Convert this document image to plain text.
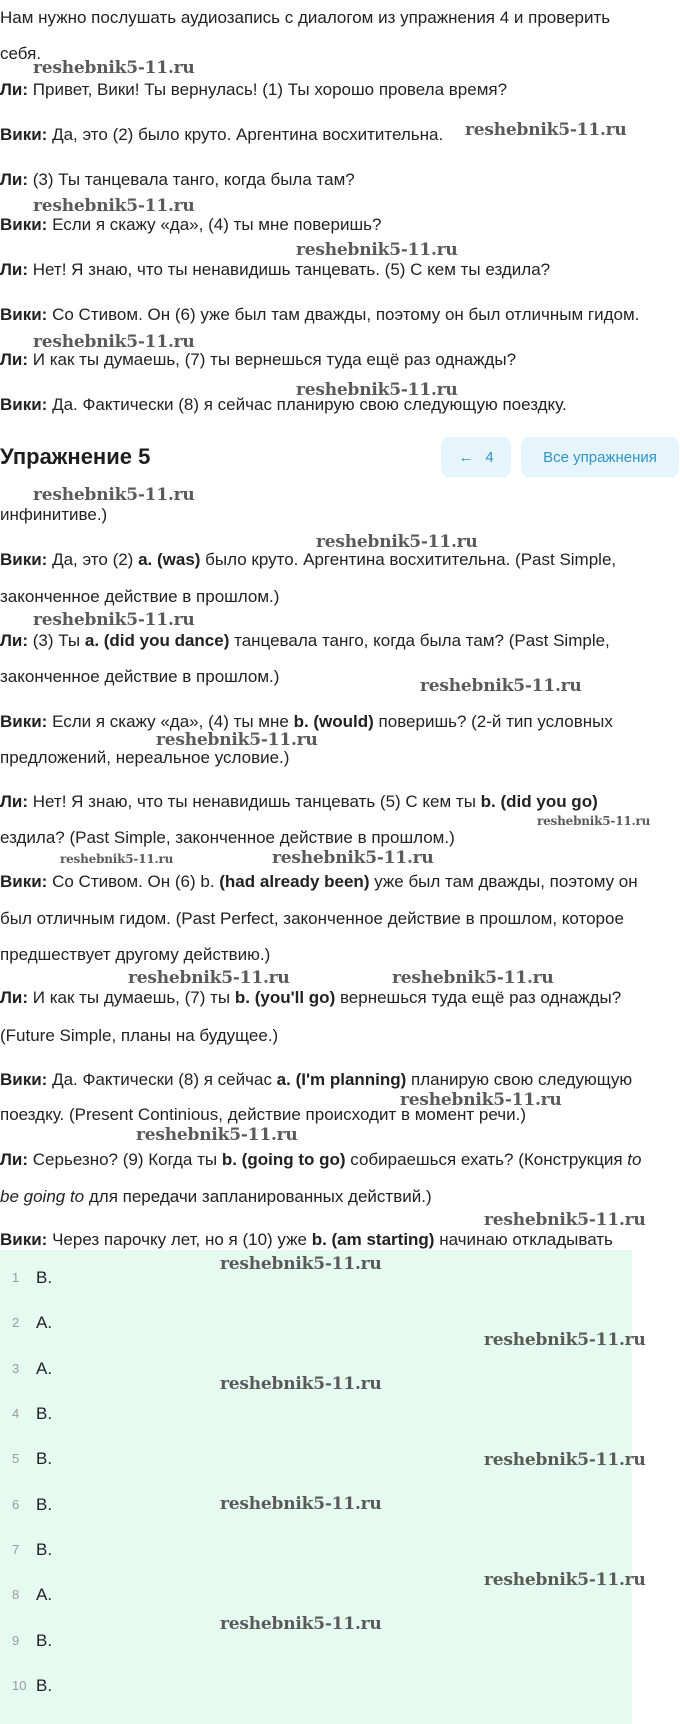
Нам нужно послушать аудиозапись с диалогом из упражнения 4 и проверить
себя.
Ли: Привет, Вики! Ты вернулась! (1) Ты хорошо провела время?
Вики: Да, это (2) было круто. Аргентина восхитительна.
Ли: (3) Ты танцевала танго, когда была там?
Вики: Если я скажу «да», (4) ты мне поверишь?
Ли: Нет! Я знаю, что ты ненавидишь танцевать. (5) С кем ты ездила?
Вики: Со Стивом. Он (6) уже был там дважды, поэтому он был отличным гидом.
Ли: И как ты думаешь, (7) ты вернешься туда ещё раз однажды?
Вики: Да. Фактически (8) я сейчас планирую свою следующую поездку.
Упражнение 5	← 4	Все упражнения
инфинитиве.)
Вики: Да, это (2) a. (was) было круто. Аргентина восхитительна. (Past Simple,
законченное действие в прошлом.)
Ли: (3) Ты a. (did you dance) танцевала танго, когда была там? (Past Simple,
законченное действие в прошлом.)
Вики: Если я скажу «да», (4) ты мне b. (would) поверишь? (2-й тип условных
предложений, нереальное условие.)
Ли: Нет! Я знаю, что ты ненавидишь танцевать (5) С кем ты b. (did you go)
ездила? (Past Simple, законченное действие в прошлом.)
Вики: Со Стивом. Он (6) b. (had already been) уже был там дважды, поэтому он
был отличным гидом. (Past Perfect, законченное действие в прошлом, которое
предшествует другому действию.)
Ли: И как ты думаешь, (7) ты b. (you'll go) вернешься туда ещё раз однажды?
(Future Simple, планы на будущее.)
Вики: Да. Фактически (8) я сейчас a. (I'm planning) планирую свою следующую
поездку. (Present Continious, действие происходит в момент речи.)
Ли: Серьезно? (9) Когда ты b. (going to go) собираешься ехать? (Конструкция to
be going to для передачи запланированных действий.)
Вики: Через парочку лет, но я (10) уже b. (am starting) начинаю откладывать
1 B.
2 A.
3 A.
4 B.
5 B.
6 B.
7 B.
8 A.
9 B.
10 B.
reshebnik5-11.ru
reshebnik5-11.ru
reshebnik5-11.ru
reshebnik5-11.ru
reshebnik5-11.ru
reshebnik5-11.ru
reshebnik5-11.ru
reshebnik5-11.ru
reshebnik5-11.ru
reshebnik5-11.ru
reshebnik5-11.ru
reshebnik5-11.ru
reshebnik5-11.ru	reshebnik5-11.ru
reshebnik5-11.ru	reshebnik5-11.ru
reshebnik5-11.ru
reshebnik5-11.ru
reshebnik5-11.ru
reshebnik5-11.ru
reshebnik5-11.ru
reshebnik5-11.ru
reshebnik5-11.ru
reshebnik5-11.ru
reshebnik5-11.ru
reshebnik5-11.ru
